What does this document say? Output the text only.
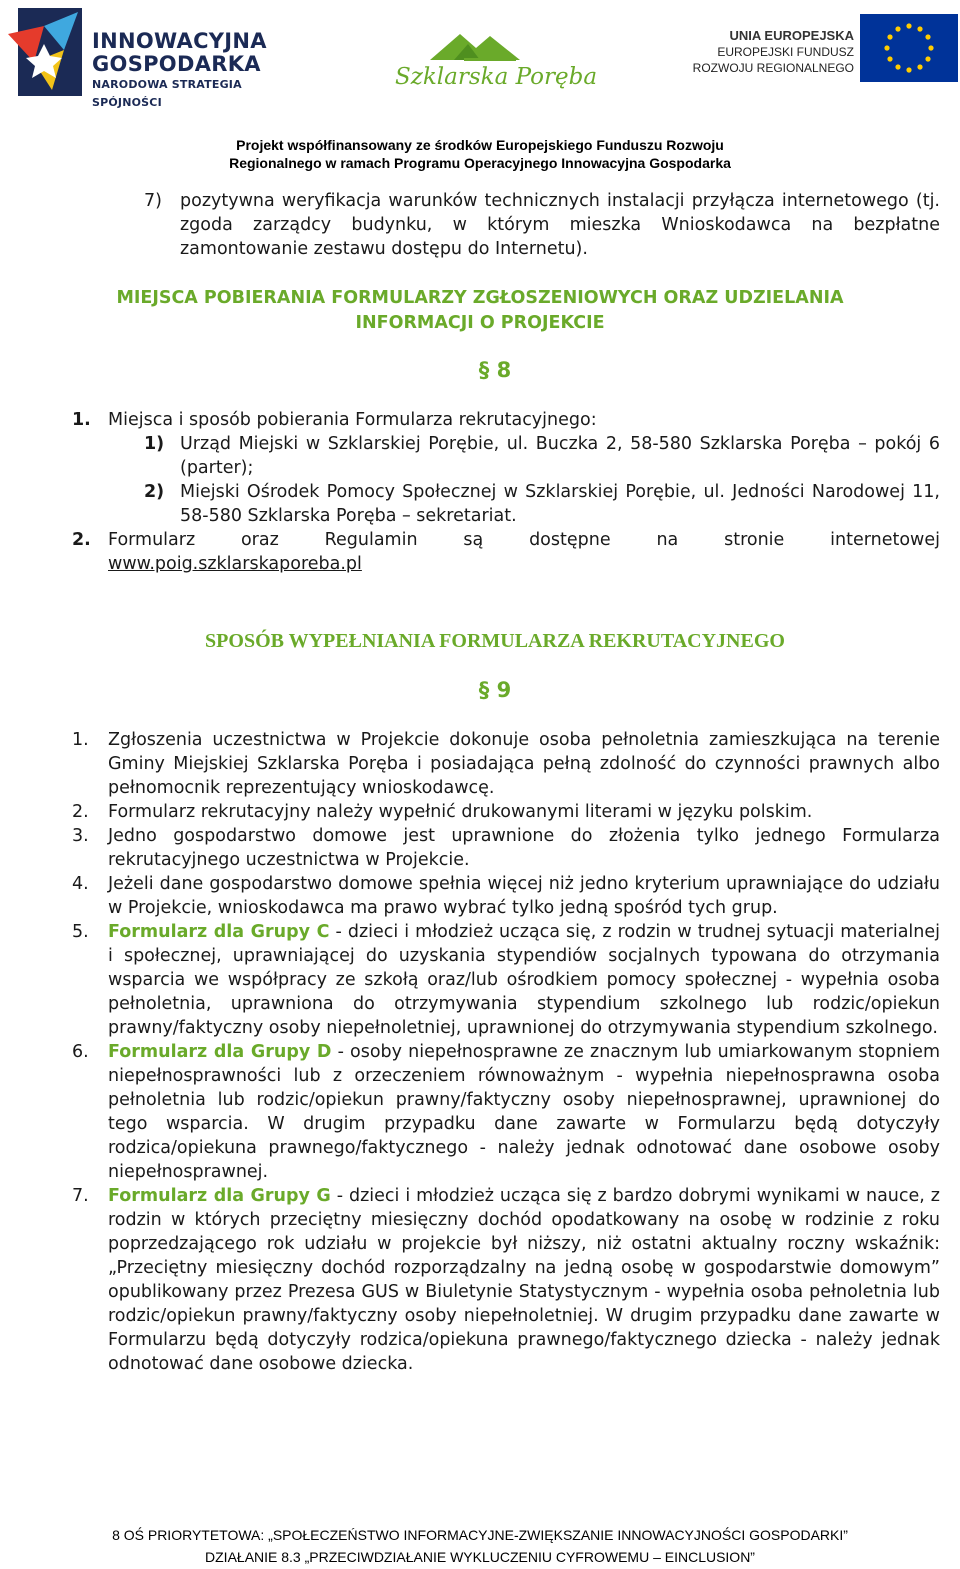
INNOWACYJNA
GOSPODARKA
NARODOWA STRATEGIA SPÓJNOŚCI
Szklarska Poręba
UNIA EUROPEJSKA
EUROPEJSKI FUNDUSZ
ROZWOJU REGIONALNEGO
Projekt współfinansowany ze środków Europejskiego Funduszu Rozwoju
Regionalnego w ramach Programu Operacyjnego Innowacyjna Gospodarka
7) pozytywna weryfikacja warunków technicznych instalacji przyłącza internetowego (tj. zgoda zarządcy budynku, w którym mieszka Wnioskodawca na bezpłatne zamontowanie zestawu dostępu do Internetu).
MIEJSCA POBIERANIA FORMULARZY ZGŁOSZENIOWYCH ORAZ UDZIELANIA
INFORMACJI O PROJEKCIE
§ 8
1. Miejsca i sposób pobierania Formularza rekrutacyjnego:
1) Urząd Miejski w Szklarskiej Porębie, ul. Buczka 2, 58-580 Szklarska Poręba – pokój 6 (parter);
2) Miejski Ośrodek Pomocy Społecznej w Szklarskiej Porębie, ul. Jedności Narodowej 11, 58-580 Szklarska Poręba – sekretariat.
2. Formularz oraz Regulamin są dostępne na stronie internetowej
www.poig.szklarskaporeba.pl
SPOSÓB WYPEŁNIANIA FORMULARZA REKRUTACYJNEGO
§ 9
1. Zgłoszenia uczestnictwa w Projekcie dokonuje osoba pełnoletnia zamieszkująca na terenie Gminy Miejskiej Szklarska Poręba i posiadająca pełną zdolność do czynności prawnych albo pełnomocnik reprezentujący wnioskodawcę.
2. Formularz rekrutacyjny należy wypełnić drukowanymi literami w języku polskim.
3. Jedno gospodarstwo domowe jest uprawnione do złożenia tylko jednego Formularza rekrutacyjnego uczestnictwa w Projekcie.
4. Jeżeli dane gospodarstwo domowe spełnia więcej niż jedno kryterium uprawniające do udziału w Projekcie, wnioskodawca ma prawo wybrać tylko jedną spośród tych grup.
5. Formularz dla Grupy C - dzieci i młodzież ucząca się, z rodzin w trudnej sytuacji materialnej i społecznej, uprawniającej do uzyskania stypendiów socjalnych typowana do otrzymania wsparcia we współpracy ze szkołą oraz/lub ośrodkiem pomocy społecznej - wypełnia osoba pełnoletnia, uprawniona do otrzymywania stypendium szkolnego lub rodzic/opiekun prawny/faktyczny osoby niepełnoletniej, uprawnionej do otrzymywania stypendium szkolnego.
6. Formularz dla Grupy D - osoby niepełnosprawne ze znacznym lub umiarkowanym stopniem niepełnosprawności lub z orzeczeniem równoważnym - wypełnia niepełnosprawna osoba pełnoletnia lub rodzic/opiekun prawny/faktyczny osoby niepełnosprawnej, uprawnionej do tego wsparcia. W drugim przypadku dane zawarte w Formularzu będą dotyczyły rodzica/opiekuna prawnego/faktycznego - należy jednak odnotować dane osobowe osoby niepełnosprawnej.
7. Formularz dla Grupy G - dzieci i młodzież ucząca się z bardzo dobrymi wynikami w nauce, z rodzin w których przeciętny miesięczny dochód opodatkowany na osobę w rodzinie z roku poprzedzającego rok udziału w projekcie był niższy, niż ostatni aktualny roczny wskaźnik: „Przeciętny miesięczny dochód rozporządzalny na jedną osobę w gospodarstwie domowym” opublikowany przez Prezesa GUS w Biuletynie Statystycznym - wypełnia osoba pełnoletnia lub rodzic/opiekun prawny/faktyczny osoby niepełnoletniej. W drugim przypadku dane zawarte w Formularzu będą dotyczyły rodzica/opiekuna prawnego/faktycznego dziecka - należy jednak odnotować dane osobowe dziecka.
8 OŚ PRIORYTETOWA: „SPOŁECZEŃSTWO INFORMACYJNE-ZWIĘKSZANIE INNOWACYJNOŚCI GOSPODARKI”
DZIAŁANIE 8.3 „PRZECIWDZIAŁANIE WYKLUCZENIU CYFROWEMU – EINCLUSION”
